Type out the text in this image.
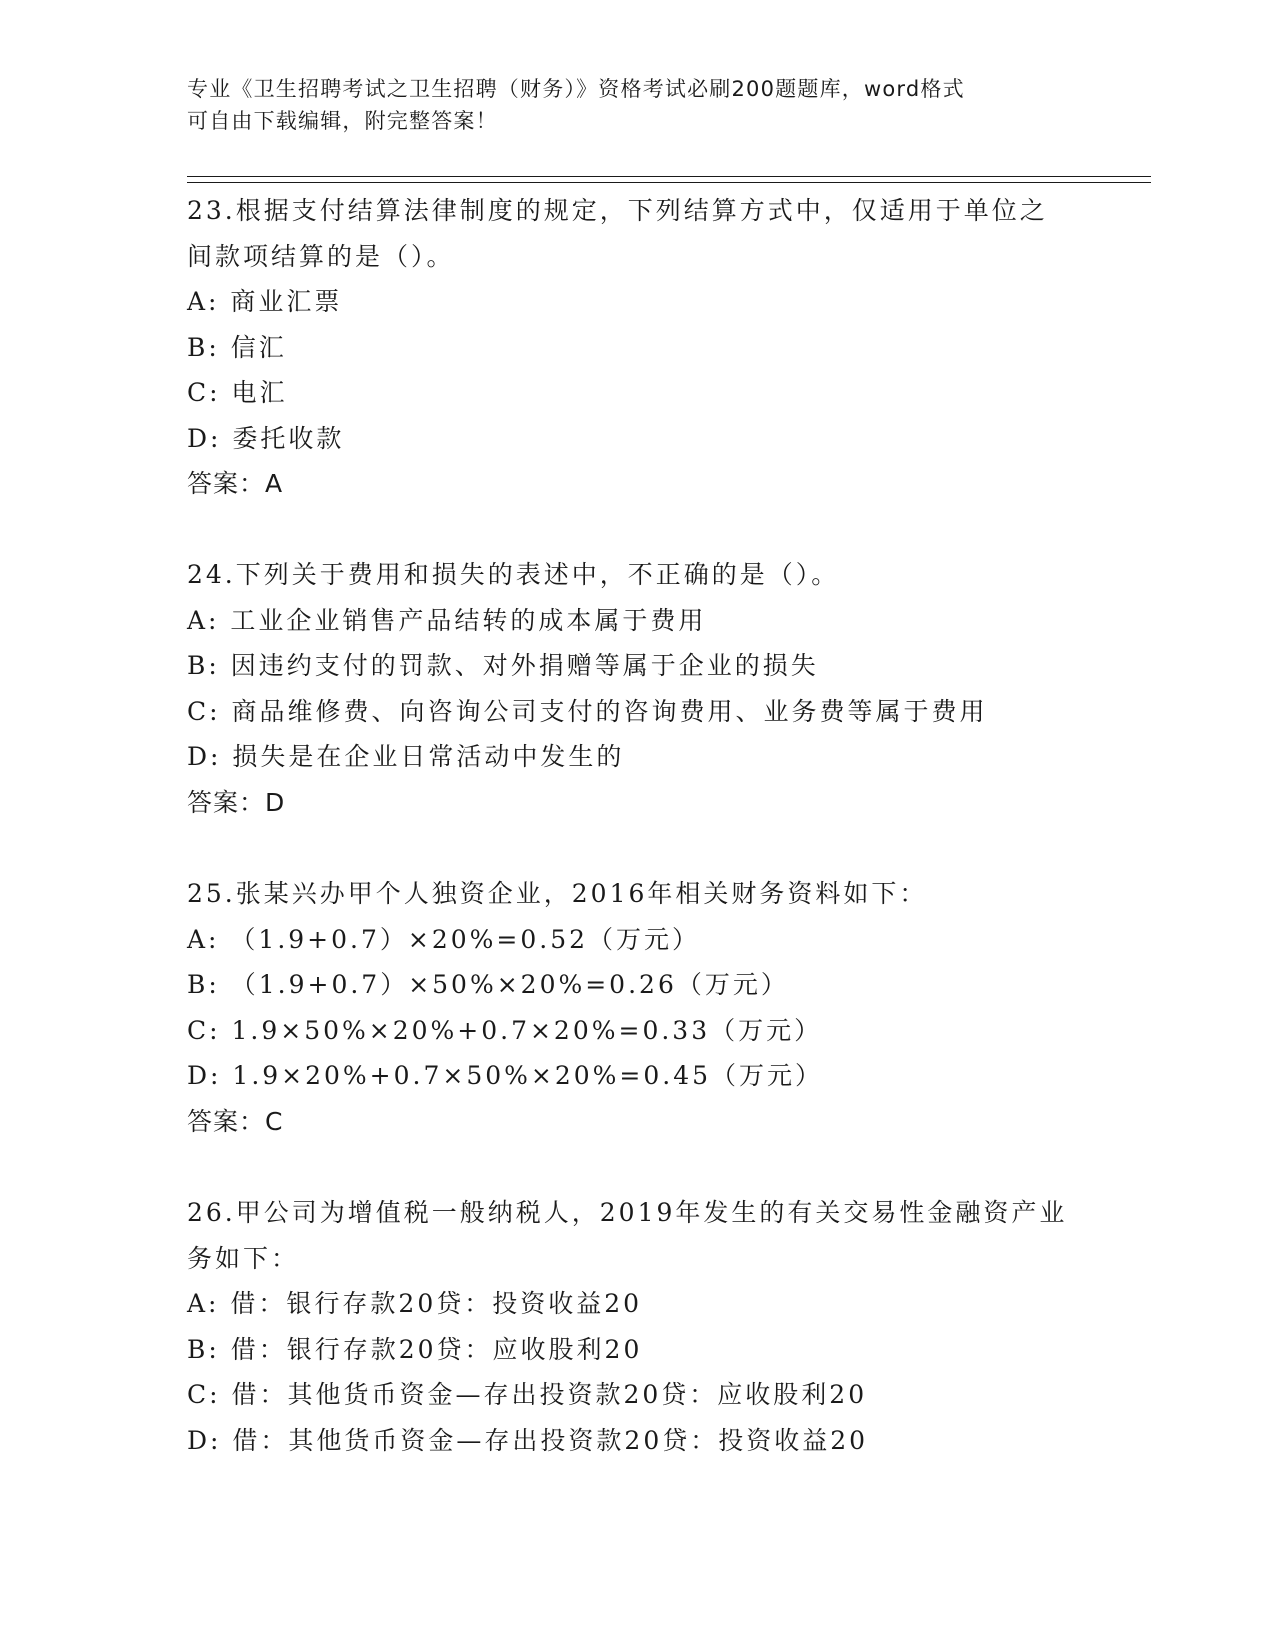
专业《卫生招聘考试之卫生招聘（财务）》资格考试必刷200题题库，word格式
可自由下载编辑，附完整答案！
23.根据支付结算法律制度的规定，下列结算方式中，仅适用于单位之
间款项结算的是（）。
A: 商业汇票
B: 信汇
C: 电汇
D: 委托收款
答案：A
24.下列关于费用和损失的表述中，不正确的是（）。
A: 工业企业销售产品结转的成本属于费用
B: 因违约支付的罚款、对外捐赠等属于企业的损失
C: 商品维修费、向咨询公司支付的咨询费用、业务费等属于费用
D: 损失是在企业日常活动中发生的
答案：D
25.张某兴办甲个人独资企业，2016年相关财务资料如下：
A: （1.9+0.7）×20%=0.52（万元）
B: （1.9+0.7）×50%×20%=0.26（万元）
C: 1.9×50%×20%+0.7×20%=0.33（万元）
D: 1.9×20%+0.7×50%×20%=0.45（万元）
答案：C
26.甲公司为增值税一般纳税人，2019年发生的有关交易性金融资产业
务如下：
A: 借：银行存款20贷：投资收益20
B: 借：银行存款20贷：应收股利20
C: 借：其他货币资金—存出投资款20贷：应收股利20
D: 借：其他货币资金—存出投资款20贷：投资收益20
